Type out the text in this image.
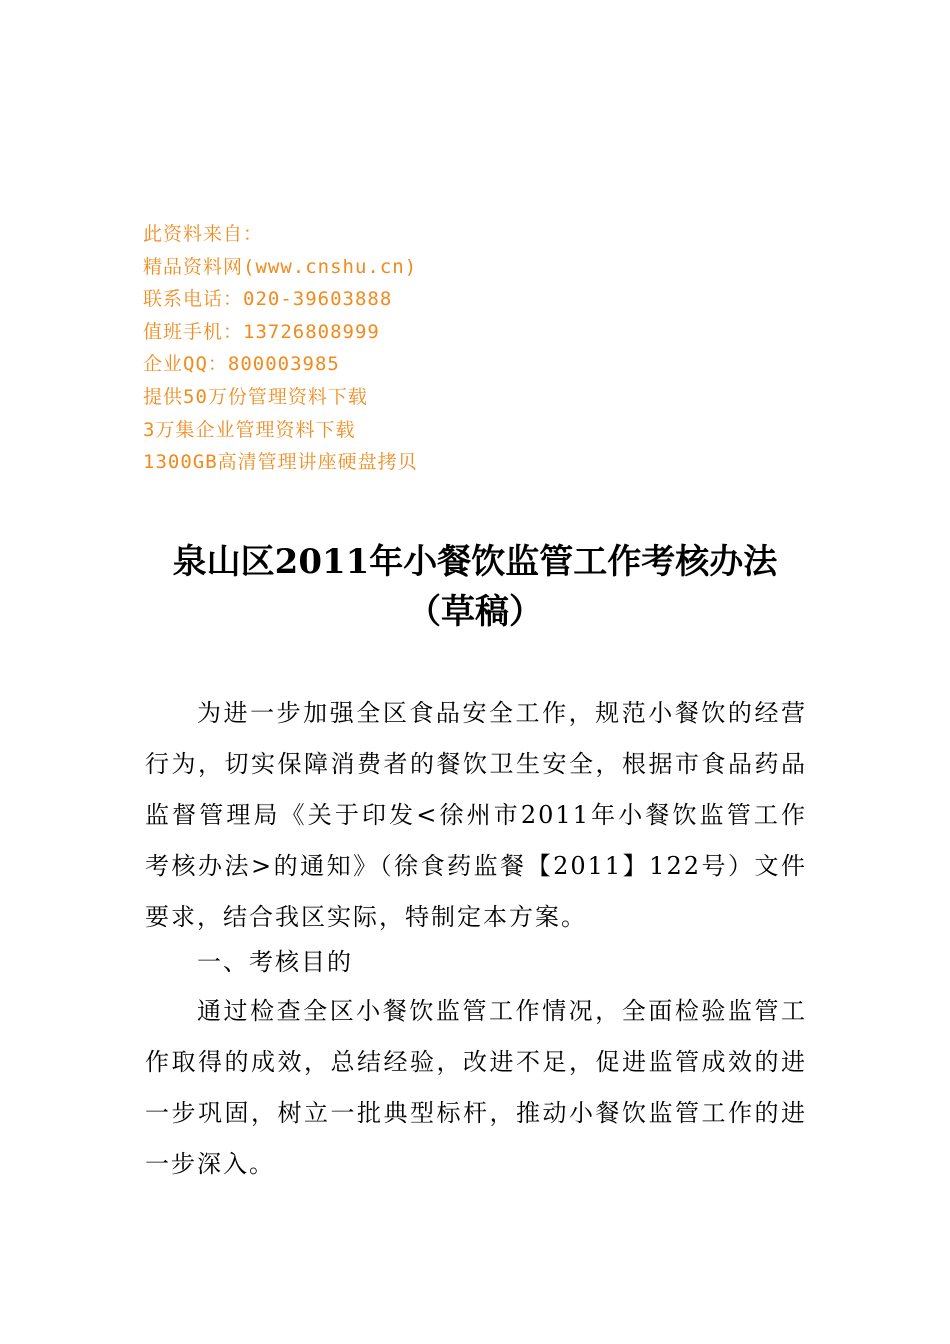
此资料来自：
精品资料网(www.cnshu.cn)
联系电话：020-39603888
值班手机：13726808999
企业QQ：800003985
提供50万份管理资料下载
3万集企业管理资料下载
1300GB高清管理讲座硬盘拷贝
泉山区2011年小餐饮监管工作考核办法
（草稿）
为进一步加强全区食品安全工作，规范小餐饮的经营行为，切实保障消费者的餐饮卫生安全，根据市食品药品监督管理局《关于印发<徐州市2011年小餐饮监管工作考核办法>的通知》（徐食药监餐【2011】122号）文件要求，结合我区实际，特制定本方案。
一、考核目的
通过检查全区小餐饮监管工作情况，全面检验监管工作取得的成效，总结经验，改进不足，促进监管成效的进一步巩固，树立一批典型标杆，推动小餐饮监管工作的进一步深入。
